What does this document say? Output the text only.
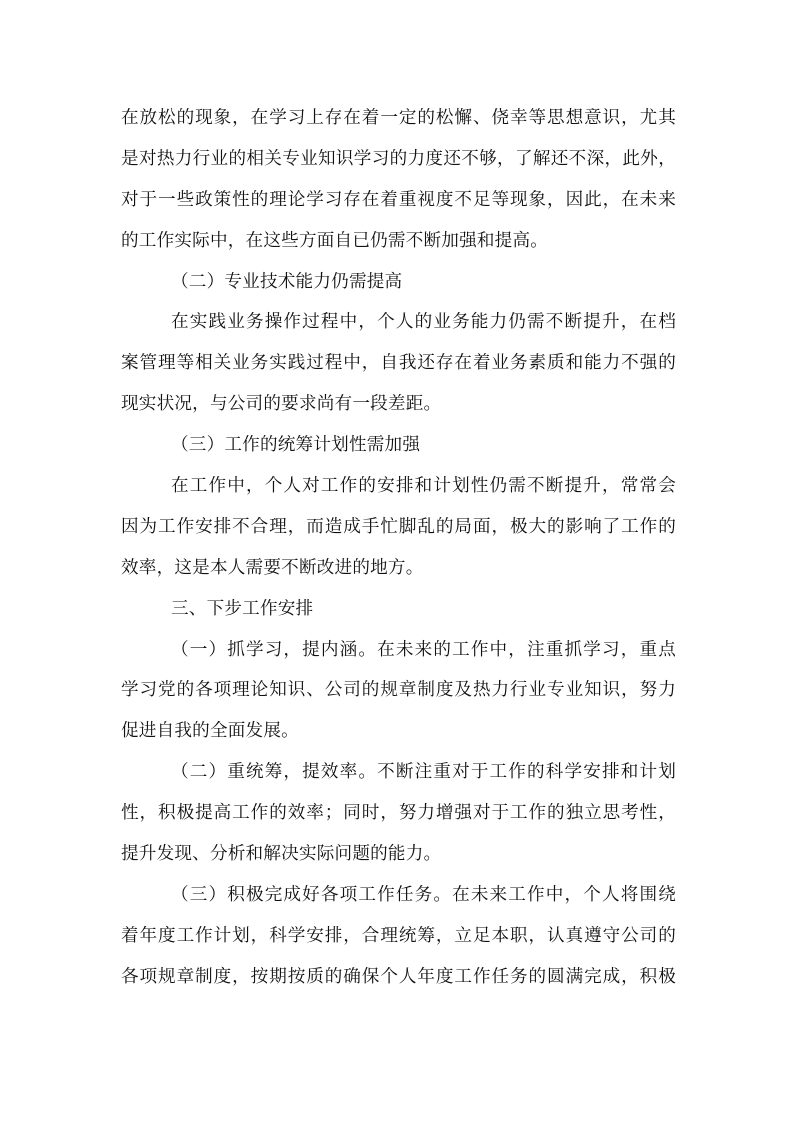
在放松的现象，在学习上存在着一定的松懈、侥幸等思想意识，尤其
是对热力行业的相关专业知识学习的力度还不够，了解还不深，此外，
对于一些政策性的理论学习存在着重视度不足等现象，因此，在未来
的工作实际中，在这些方面自已仍需不断加强和提高。
（二）专业技术能力仍需提高
在实践业务操作过程中，个人的业务能力仍需不断提升，在档
案管理等相关业务实践过程中，自我还存在着业务素质和能力不强的
现实状况，与公司的要求尚有一段差距。
（三）工作的统筹计划性需加强
在工作中，个人对工作的安排和计划性仍需不断提升，常常会
因为工作安排不合理，而造成手忙脚乱的局面，极大的影响了工作的
效率，这是本人需要不断改进的地方。
三、下步工作安排
（一）抓学习，提内涵。在未来的工作中，注重抓学习，重点
学习党的各项理论知识、公司的规章制度及热力行业专业知识，努力
促进自我的全面发展。
（二）重统筹，提效率。不断注重对于工作的科学安排和计划
性，积极提高工作的效率；同时，努力增强对于工作的独立思考性，
提升发现、分析和解决实际问题的能力。
（三）积极完成好各项工作任务。在未来工作中，个人将围绕
着年度工作计划，科学安排，合理统筹，立足本职，认真遵守公司的
各项规章制度，按期按质的确保个人年度工作任务的圆满完成，积极
